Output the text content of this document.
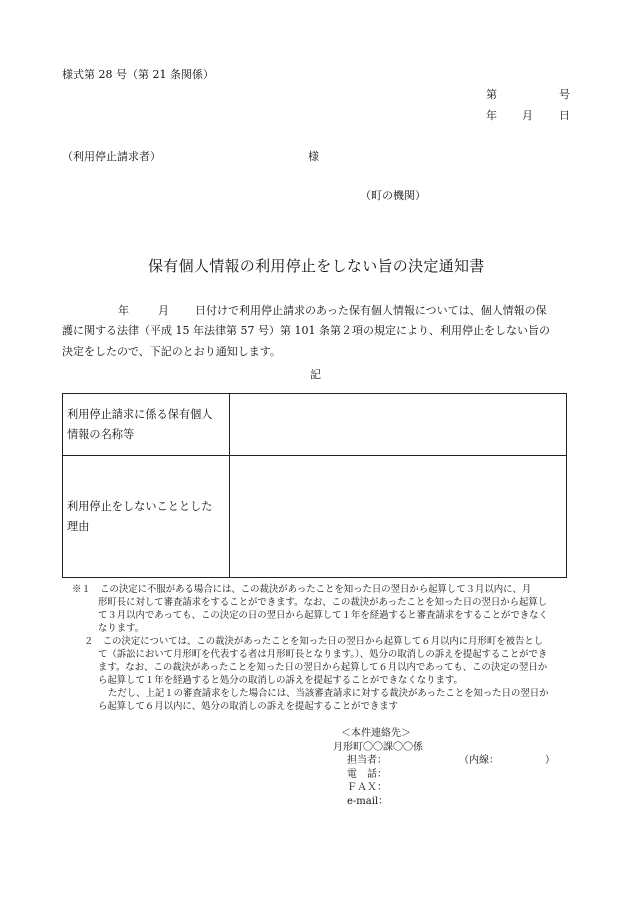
様式第 28 号（第 21 条関係）
第	号
年 月 日
（利用停止請求者）	様
（町の機関）
保有個人情報の利用停止をしない旨の決定通知書
年	月 日付けで利用停止請求のあった保有個人情報については、個人情報の保
護に関する法律（平成 15 年法律第 57 号）第 101 条第２項の規定により、利用停止をしない旨の
決定をしたので、下記のとおり通知します。
記
利用停止請求に係る保有個人
情報の名称等	

利用停止をしないこととした
理由	

※１　この決定に不服がある場合には、この裁決があったことを知った日の翌日から起算して３月以内に、月
形町長に対して審査請求をすることができます。なお、この裁決があったことを知った日の翌日から起算し
て３月以内であっても、この決定の日の翌日から起算して１年を経過すると審査請求をすることができなく
なります。
２　この決定については、この裁決があったことを知った日の翌日から起算して６月以内に月形町を被告とし
て（訴訟において月形町を代表する者は月形町長となります。）、処分の取消しの訴えを提起することができ
ます。なお、この裁決があったことを知った日の翌日から起算して６月以内であっても、この決定の翌日か
ら起算して１年を経過すると処分の取消しの訴えを提起することができなくなります。
ただし、上記１の審査請求をした場合には、当該審査請求に対する裁決があったことを知った日の翌日か
ら起算して６月以内に、処分の取消しの訴えを提起することができます
＜本件連絡先＞
月形町〇〇課〇〇係
担当者：	（内線：	）
電　話：
ＦＡＸ：
e-mail：
